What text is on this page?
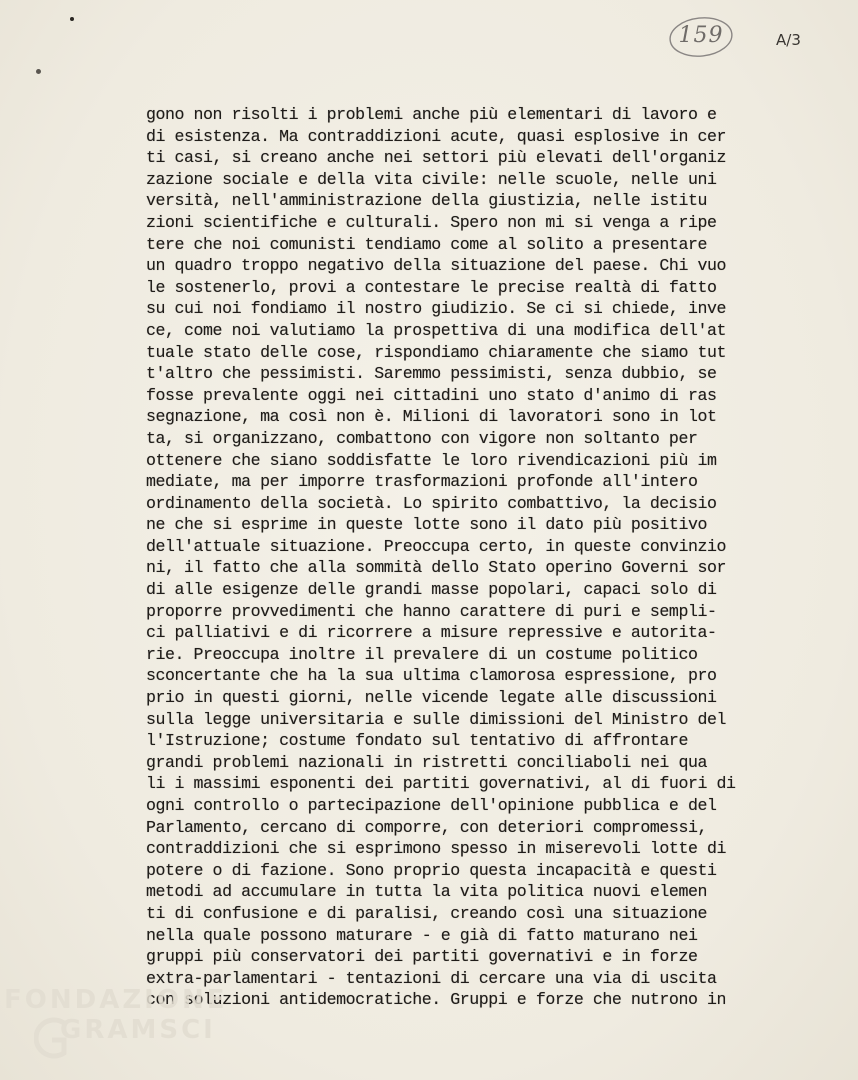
159	A/3
gono non risolti i problemi anche più elementari di lavoro e
di esistenza. Ma contraddizioni acute, quasi esplosive in cer
ti casi, si creano anche nei settori più elevati dell'organiz
zazione sociale e della vita civile: nelle scuole, nelle uni
versità, nell'amministrazione della giustizia, nelle istitu
zioni scientifiche e culturali. Spero non mi si venga a ripe
tere che noi comunisti tendiamo come al solito a presentare
un quadro troppo negativo della situazione del paese. Chi vuo
le sostenerlo, provi a contestare le precise realtà di fatto
su cui noi fondiamo il nostro giudizio. Se ci si chiede, inve
ce, come noi valutiamo la prospettiva di una modifica dell'at
tuale stato delle cose, rispondiamo chiaramente che siamo tut
t'altro che pessimisti. Saremmo pessimisti, senza dubbio, se
fosse prevalente oggi nei cittadini uno stato d'animo di ras
segnazione, ma così non è. Milioni di lavoratori sono in lot
ta, si organizzano, combattono con vigore non soltanto per
ottenere che siano soddisfatte le loro rivendicazioni più im
mediate, ma per imporre trasformazioni profonde all'intero
ordinamento della società. Lo spirito combattivo, la decisio
ne che si esprime in queste lotte sono il dato più positivo
dell'attuale situazione. Preoccupa certo, in queste convinzio
ni, il fatto che alla sommità dello Stato operino Governi sor
di alle esigenze delle grandi masse popolari, capaci solo di
proporre provvedimenti che hanno carattere di puri e sempli-
ci palliativi e di ricorrere a misure repressive e autorita-
rie. Preoccupa inoltre il prevalere di un costume politico
sconcertante che ha la sua ultima clamorosa espressione, pro
prio in questi giorni, nelle vicende legate alle discussioni
sulla legge universitaria e sulle dimissioni del Ministro del
l'Istruzione; costume fondato sul tentativo di affrontare
grandi problemi nazionali in ristretti conciliaboli nei qua
li i massimi esponenti dei partiti governativi, al di fuori di
ogni controllo o partecipazione dell'opinione pubblica e del
Parlamento, cercano di comporre, con deteriori compromessi,
contraddizioni che si esprimono spesso in miserevoli lotte di
potere o di fazione. Sono proprio questa incapacità e questi
metodi ad accumulare in tutta la vita politica nuovi elemen
ti di confusione e di paralisi, creando così una situazione
nella quale possono maturare - e già di fatto maturano nei
gruppi più conservatori dei partiti governativi e in forze
extra-parlamentari - tentazioni di cercare una via di uscita
con soluzioni antidemocratiche. Gruppi e forze che nutrono in
FONDAZIONE
GRAMSCI
